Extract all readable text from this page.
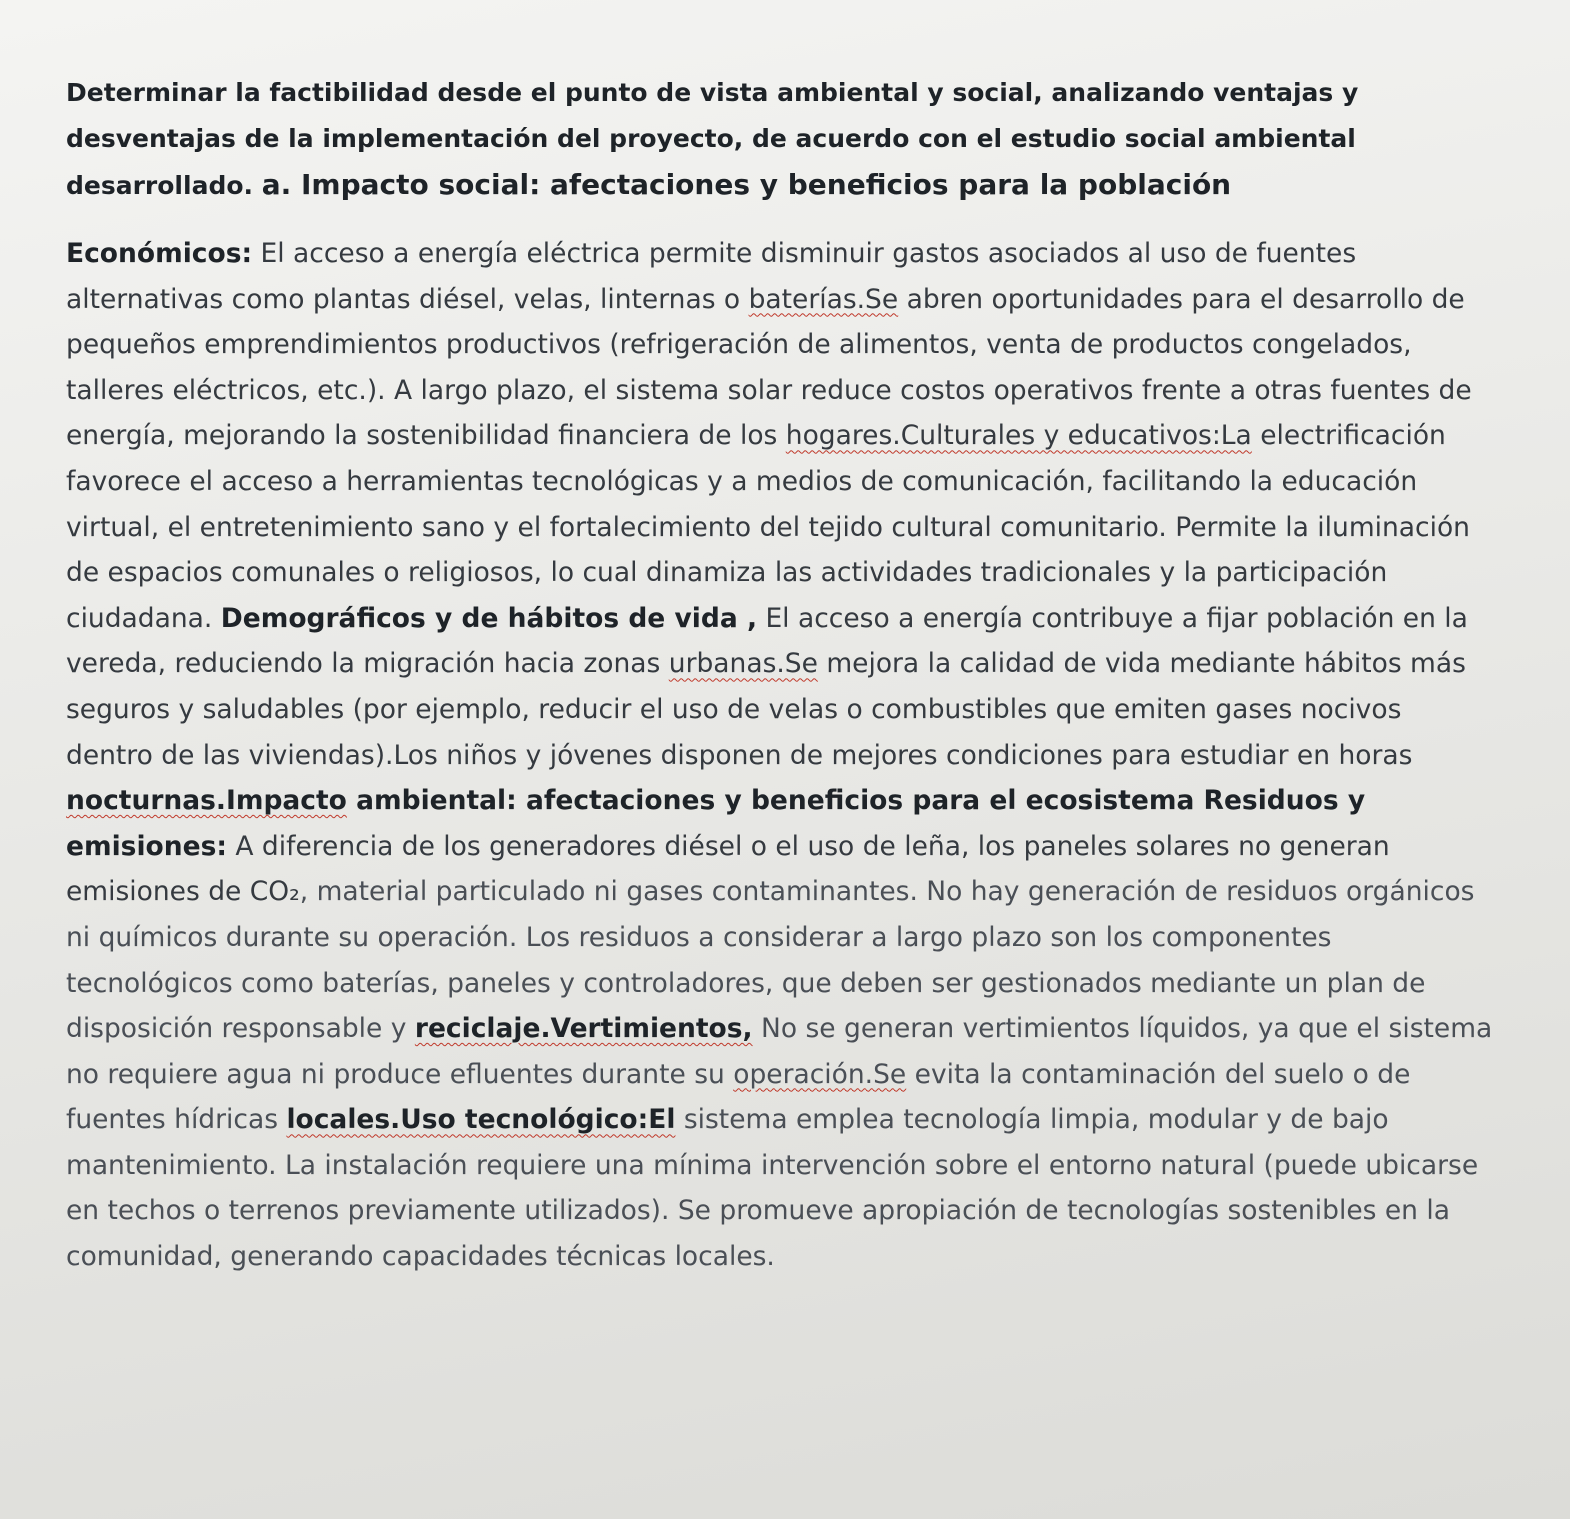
Determinar la factibilidad desde el punto de vista ambiental y social, analizando ventajas y desventajas de la implementación del proyecto, de acuerdo con el estudio social ambiental desarrollado. a. Impacto social: afectaciones y beneficios para la población

Económicos: El acceso a energía eléctrica permite disminuir gastos asociados al uso de fuentes alternativas como plantas diésel, velas, linternas o baterías.Se abren oportunidades para el desarrollo de pequeños emprendimientos productivos (refrigeración de alimentos, venta de productos congelados, talleres eléctricos, etc.). A largo plazo, el sistema solar reduce costos operativos frente a otras fuentes de energía, mejorando la sostenibilidad financiera de los hogares.Culturales y educativos:La electrificación favorece el acceso a herramientas tecnológicas y a medios de comunicación, facilitando la educación virtual, el entretenimiento sano y el fortalecimiento del tejido cultural comunitario. Permite la iluminación de espacios comunales o religiosos, lo cual dinamiza las actividades tradicionales y la participación ciudadana. Demográficos y de hábitos de vida , El acceso a energía contribuye a fijar población en la vereda, reduciendo la migración hacia zonas urbanas.Se mejora la calidad de vida mediante hábitos más seguros y saludables (por ejemplo, reducir el uso de velas o combustibles que emiten gases nocivos dentro de las viviendas).Los niños y jóvenes disponen de mejores condiciones para estudiar en horas nocturnas.Impacto ambiental: afectaciones y beneficios para el ecosistema Residuos y emisiones: A diferencia de los generadores diésel o el uso de leña, los paneles solares no generan emisiones de CO₂, material particulado ni gases contaminantes. No hay generación de residuos orgánicos ni químicos durante su operación. Los residuos a considerar a largo plazo son los componentes tecnológicos como baterías, paneles y controladores, que deben ser gestionados mediante un plan de disposición responsable y reciclaje.Vertimientos, No se generan vertimientos líquidos, ya que el sistema no requiere agua ni produce efluentes durante su operación.Se evita la contaminación del suelo o de fuentes hídricas locales.Uso tecnológico:El sistema emplea tecnología limpia, modular y de bajo mantenimiento. La instalación requiere una mínima intervención sobre el entorno natural (puede ubicarse en techos o terrenos previamente utilizados). Se promueve apropiación de tecnologías sostenibles en la comunidad, generando capacidades técnicas locales.
